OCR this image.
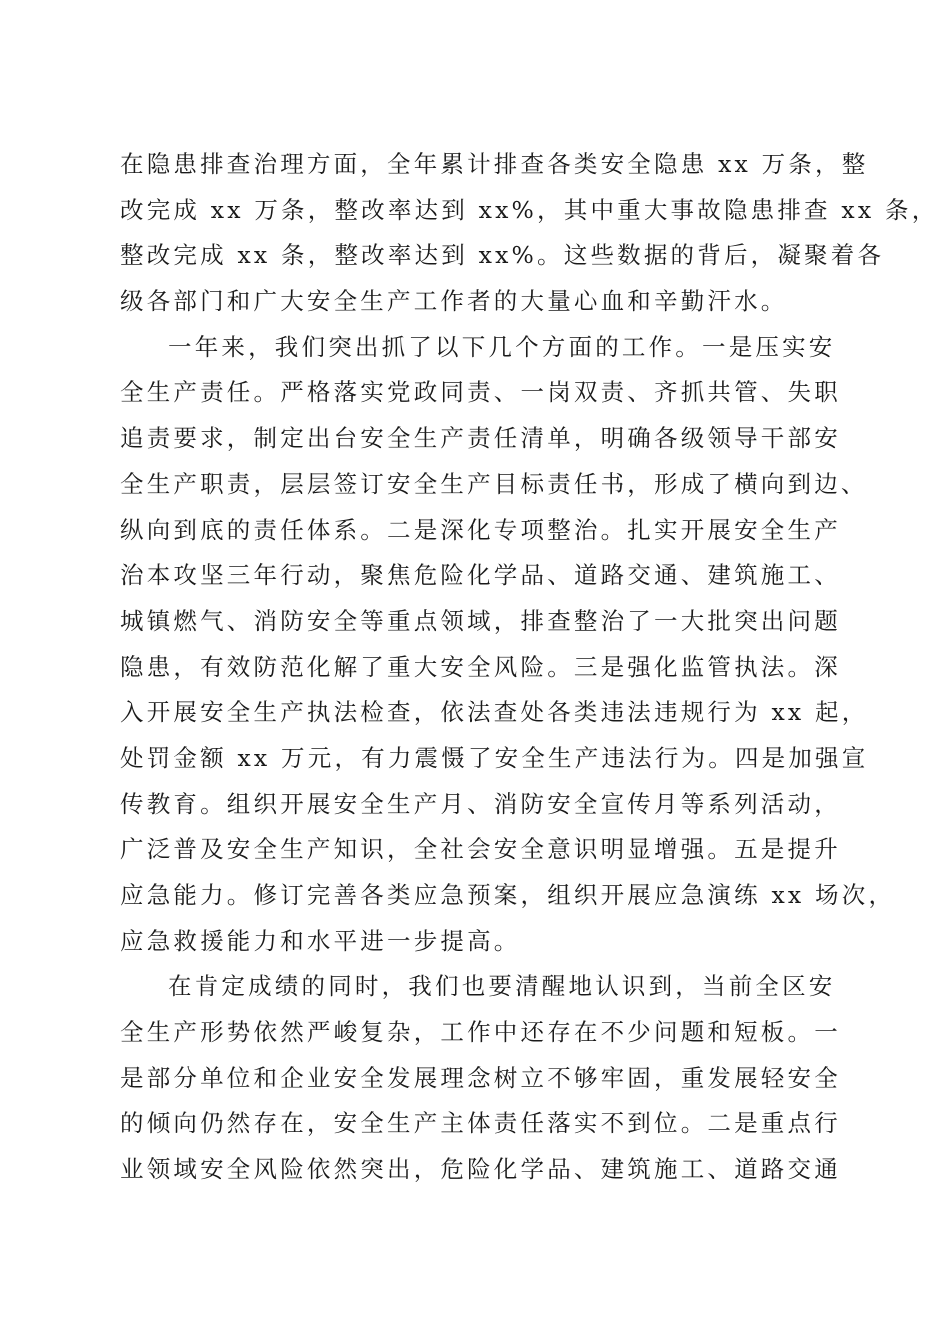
在隐患排查治理方面，全年累计排查各类安全隐患 xx 万条，整
改完成 xx 万条，整改率达到 xx%，其中重大事故隐患排查 xx 条，
整改完成 xx 条，整改率达到 xx%。这些数据的背后，凝聚着各
级各部门和广大安全生产工作者的大量心血和辛勤汗水。
一年来，我们突出抓了以下几个方面的工作。一是压实安
全生产责任。严格落实党政同责、一岗双责、齐抓共管、失职
追责要求，制定出台安全生产责任清单，明确各级领导干部安
全生产职责，层层签订安全生产目标责任书，形成了横向到边、
纵向到底的责任体系。二是深化专项整治。扎实开展安全生产
治本攻坚三年行动，聚焦危险化学品、道路交通、建筑施工、
城镇燃气、消防安全等重点领域，排查整治了一大批突出问题
隐患，有效防范化解了重大安全风险。三是强化监管执法。深
入开展安全生产执法检查，依法查处各类违法违规行为 xx 起，
处罚金额 xx 万元，有力震慑了安全生产违法行为。四是加强宣
传教育。组织开展安全生产月、消防安全宣传月等系列活动，
广泛普及安全生产知识，全社会安全意识明显增强。五是提升
应急能力。修订完善各类应急预案，组织开展应急演练 xx 场次，
应急救援能力和水平进一步提高。
在肯定成绩的同时，我们也要清醒地认识到，当前全区安
全生产形势依然严峻复杂，工作中还存在不少问题和短板。一
是部分单位和企业安全发展理念树立不够牢固，重发展轻安全
的倾向仍然存在，安全生产主体责任落实不到位。二是重点行
业领域安全风险依然突出，危险化学品、建筑施工、道路交通
